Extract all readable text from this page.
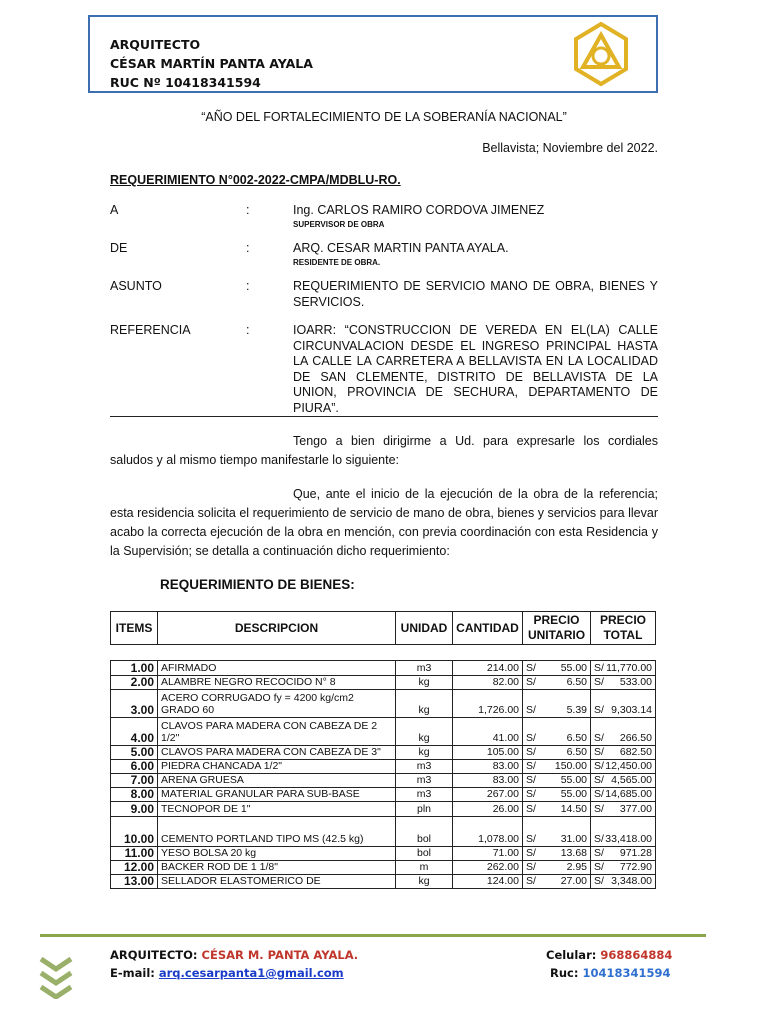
ARQUITECTO
CÉSAR MARTÍN PANTA AYALA
RUC Nº 10418341594
“AÑO DEL FORTALECIMIENTO DE LA SOBERANÍA NACIONAL”
Bellavista; Noviembre del 2022.
REQUERIMIENTO N°002-2022-CMPA/MDBLU-RO.
A	:	Ing. CARLOS RAMIRO CORDOVA JIMENEZ
SUPERVISOR DE OBRA
DE	:	ARQ. CESAR MARTIN PANTA AYALA.
RESIDENTE DE OBRA.
ASUNTO	:	REQUERIMIENTO DE SERVICIO MANO DE OBRA, BIENES Y SERVICIOS.
REFERENCIA	:	IOARR: “CONSTRUCCION DE VEREDA EN EL(LA) CALLE CIRCUNVALACION DESDE EL INGRESO PRINCIPAL HASTA LA CALLE LA CARRETERA A BELLAVISTA EN LA LOCALIDAD DE SAN CLEMENTE, DISTRITO DE BELLAVISTA DE LA UNION, PROVINCIA DE SECHURA, DEPARTAMENTO DE PIURA”.
Tengo a bien dirigirme a Ud. para expresarle los cordiales saludos y al mismo tiempo manifestarle lo siguiente:
Que, ante el inicio de la ejecución de la obra de la referencia; esta residencia solicita el requerimiento de servicio de mano de obra, bienes y servicios para llevar acabo la correcta ejecución de la obra en mención, con previa coordinación con esta Residencia y la Supervisión; se detalla a continuación dicho requerimiento:
REQUERIMIENTO DE BIENES:
ITEMS	DESCRIPCION	UNIDAD	CANTIDAD	PRECIO UNITARIO	PRECIO TOTAL
1.00	AFIRMADO	m3	214.00	S/ 55.00	S/ 11,770.00
2.00	ALAMBRE NEGRO RECOCIDO N° 8	kg	82.00	S/ 6.50	S/ 533.00
3.00	ACERO CORRUGADO fy = 4200 kg/cm2 GRADO 60	kg	1,726.00	S/ 5.39	S/ 9,303.14
4.00	CLAVOS PARA MADERA CON CABEZA DE 2 1/2"	kg	41.00	S/ 6.50	S/ 266.50
5.00	CLAVOS PARA MADERA CON CABEZA DE 3"	kg	105.00	S/ 6.50	S/ 682.50
6.00	PIEDRA CHANCADA 1/2"	m3	83.00	S/ 150.00	S/ 12,450.00
7.00	ARENA GRUESA	m3	83.00	S/ 55.00	S/ 4,565.00
8.00	MATERIAL GRANULAR PARA SUB-BASE	m3	267.00	S/ 55.00	S/ 14,685.00
9.00	TECNOPOR DE 1"	pln	26.00	S/ 14.50	S/ 377.00
10.00	CEMENTO PORTLAND TIPO MS (42.5 kg)	bol	1,078.00	S/ 31.00	S/ 33,418.00
11.00	YESO BOLSA 20 kg	bol	71.00	S/ 13.68	S/ 971.28
12.00	BACKER ROD DE 1 1/8"	m	262.00	S/ 2.95	S/ 772.90
13.00	SELLADOR ELASTOMERICO DE	kg	124.00	S/ 27.00	S/ 3,348.00
ARQUITECTO: CÉSAR M. PANTA AYALA.
E-mail: arq.cesarpanta1@gmail.com
Celular: 968864884
Ruc: 10418341594
